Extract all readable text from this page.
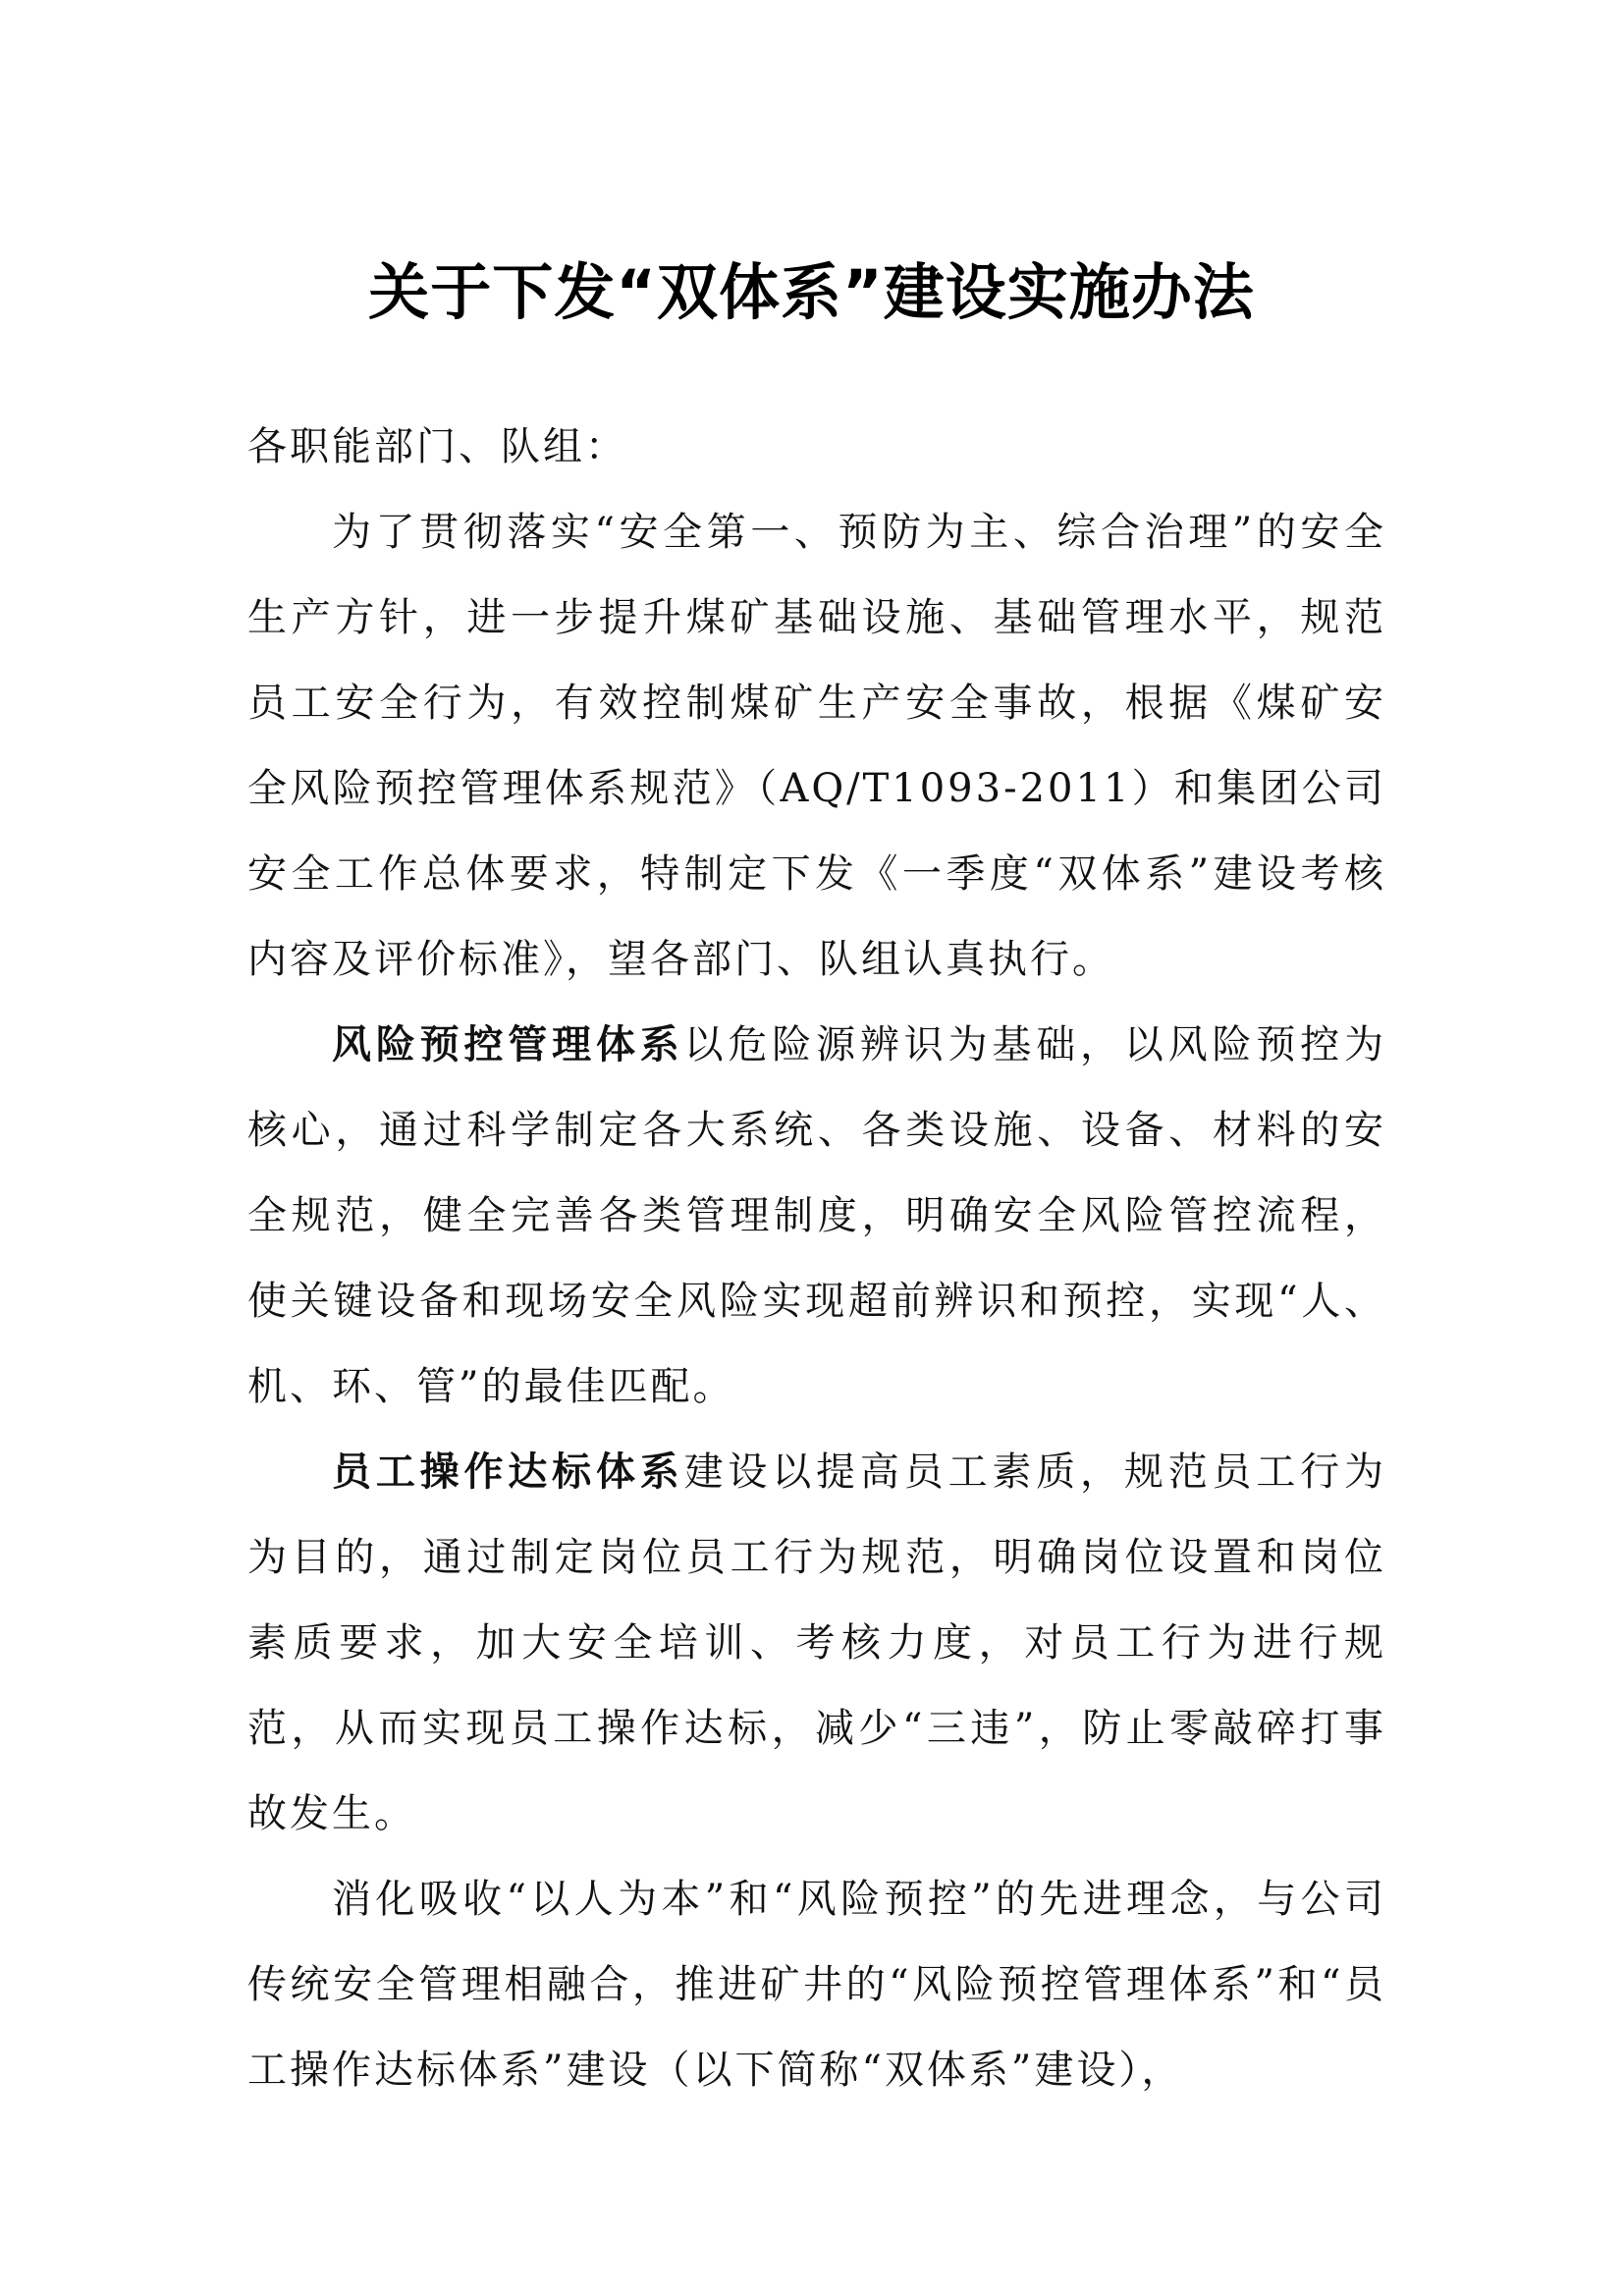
关于下发“双体系”建设实施办法

各职能部门、队组：

为了贯彻落实“安全第一、预防为主、综合治理”的安全生产方针，进一步提升煤矿基础设施、基础管理水平，规范员工安全行为，有效控制煤矿生产安全事故，根据《煤矿安全风险预控管理体系规范》（AQ/T1093-2011）和集团公司安全工作总体要求，特制定下发《一季度“双体系”建设考核内容及评价标准》，望各部门、队组认真执行。

风险预控管理体系以危险源辨识为基础，以风险预控为核心，通过科学制定各大系统、各类设施、设备、材料的安全规范，健全完善各类管理制度，明确安全风险管控流程，使关键设备和现场安全风险实现超前辨识和预控，实现“人、机、环、管”的最佳匹配。

员工操作达标体系建设以提高员工素质，规范员工行为为目的，通过制定岗位员工行为规范，明确岗位设置和岗位素质要求，加大安全培训、考核力度，对员工行为进行规范，从而实现员工操作达标，减少“三违”，防止零敲碎打事故发生。

消化吸收“以人为本”和“风险预控”的先进理念，与公司传统安全管理相融合，推进矿井的“风险预控管理体系”和“员工操作达标体系”建设（以下简称“双体系”建设），
